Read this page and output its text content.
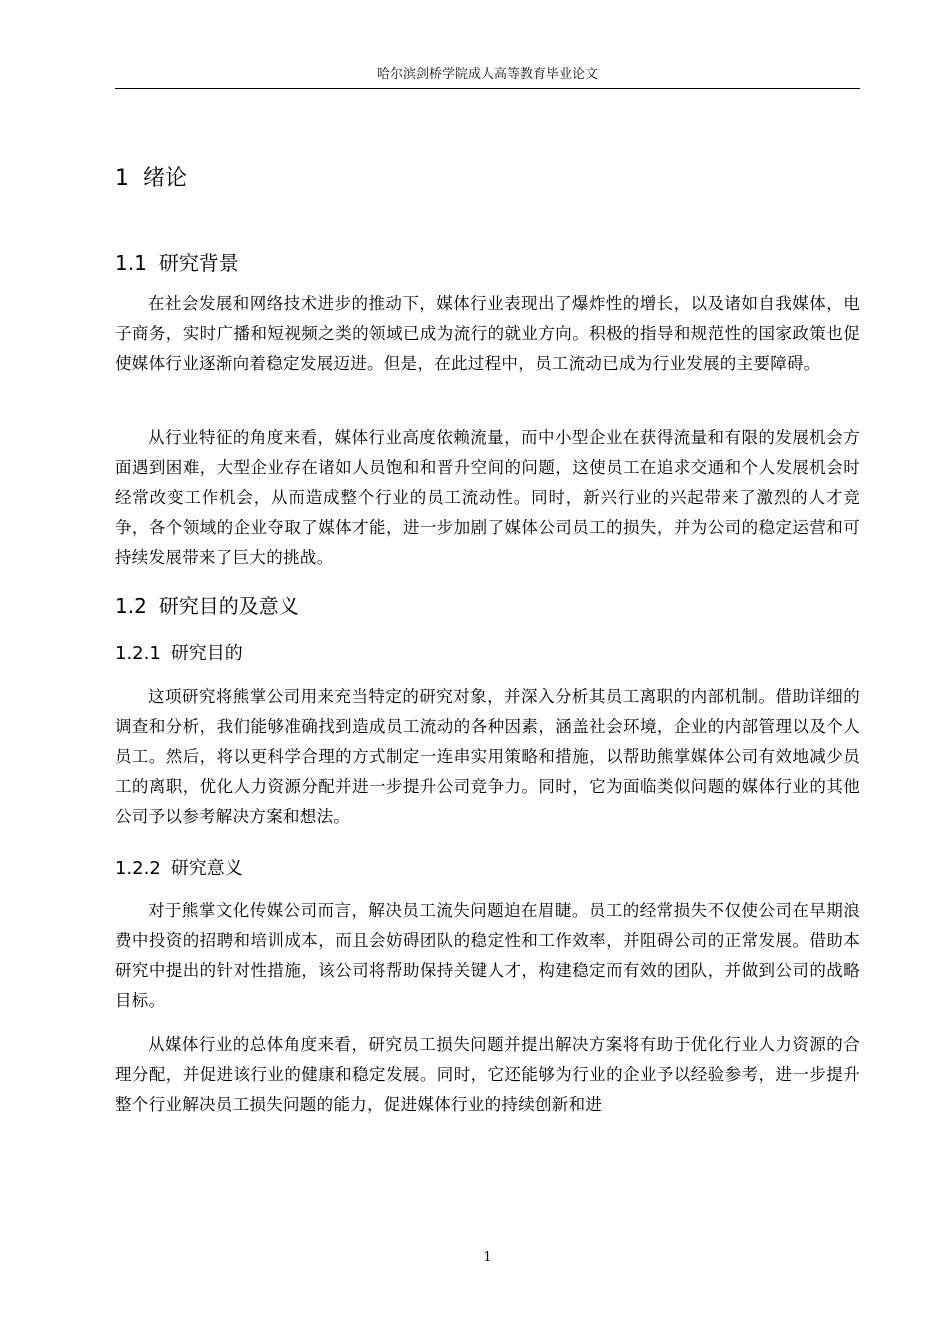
哈尔滨剑桥学院成人高等教育毕业论文
1 绪论
1.1 研究背景

在社会发展和网络技术进步的推动下，媒体行业表现出了爆炸性的增长，以及诸如自我媒体，电子商务，实时广播和短视频之类的领域已成为流行的就业方向。积极的指导和规范性的国家政策也促使媒体行业逐渐向着稳定发展迈进。但是，在此过程中，员工流动已成为行业发展的主要障碍。

从行业特征的角度来看，媒体行业高度依赖流量，而中小型企业在获得流量和有限的发展机会方面遇到困难，大型企业存在诸如人员饱和和晋升空间的问题，这使员工在追求交通和个人发展机会时经常改变工作机会，从而造成整个行业的员工流动性。同时，新兴行业的兴起带来了激烈的人才竞争，各个领域的企业夺取了媒体才能，进一步加剧了媒体公司员工的损失，并为公司的稳定运营和可持续发展带来了巨大的挑战。

1.2 研究目的及意义
1.2.1 研究目的

这项研究将熊掌公司用来充当特定的研究对象，并深入分析其员工离职的内部机制。借助详细的调查和分析，我们能够准确找到造成员工流动的各种因素，涵盖社会环境，企业的内部管理以及个人员工。然后，将以更科学合理的方式制定一连串实用策略和措施，以帮助熊掌媒体公司有效地减少员工的离职，优化人力资源分配并进一步提升公司竞争力。同时，它为面临类似问题的媒体行业的其他公司予以参考解决方案和想法。

1.2.2 研究意义

对于熊掌文化传媒公司而言，解决员工流失问题迫在眉睫。员工的经常损失不仅使公司在早期浪费中投资的招聘和培训成本，而且会妨碍团队的稳定性和工作效率，并阻碍公司的正常发展。借助本研究中提出的针对性措施，该公司将帮助保持关键人才，构建稳定而有效的团队，并做到公司的战略目标。

从媒体行业的总体角度来看，研究员工损失问题并提出解决方案将有助于优化行业人力资源的合理分配，并促进该行业的健康和稳定发展。同时，它还能够为行业的企业予以经验参考，进一步提升整个行业解决员工损失问题的能力，促进媒体行业的持续创新和进

1
